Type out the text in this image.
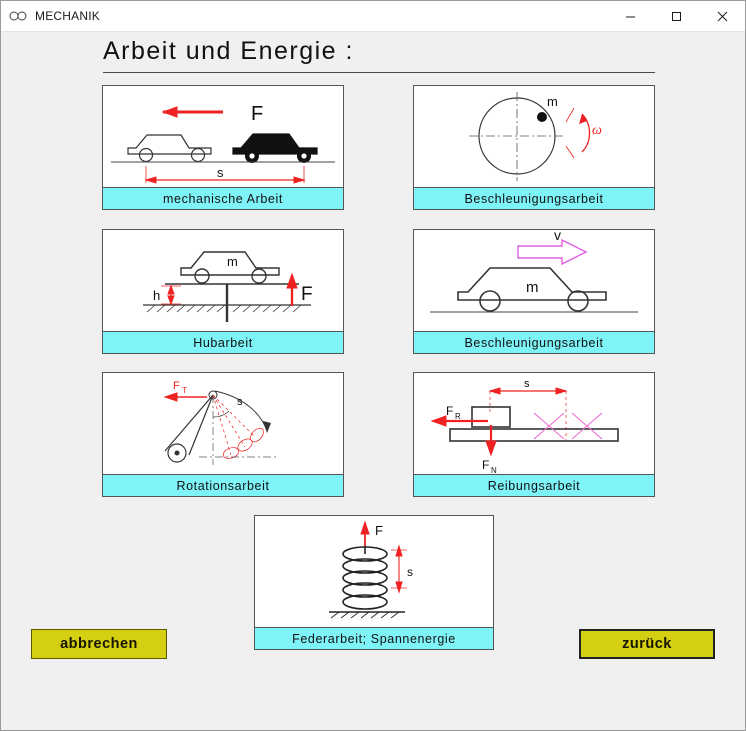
MECHANIK
Arbeit und Energie :
F
s
mechanische Arbeit
m
ω
Beschleunigungsarbeit
m
h	F
Hubarbeit
v
m
Beschleunigungsarbeit
s
F T
Rotationsarbeit
s
F R
F N
Reibungsarbeit
F
s
Federarbeit; Spannenergie
abbrechen	zurück
